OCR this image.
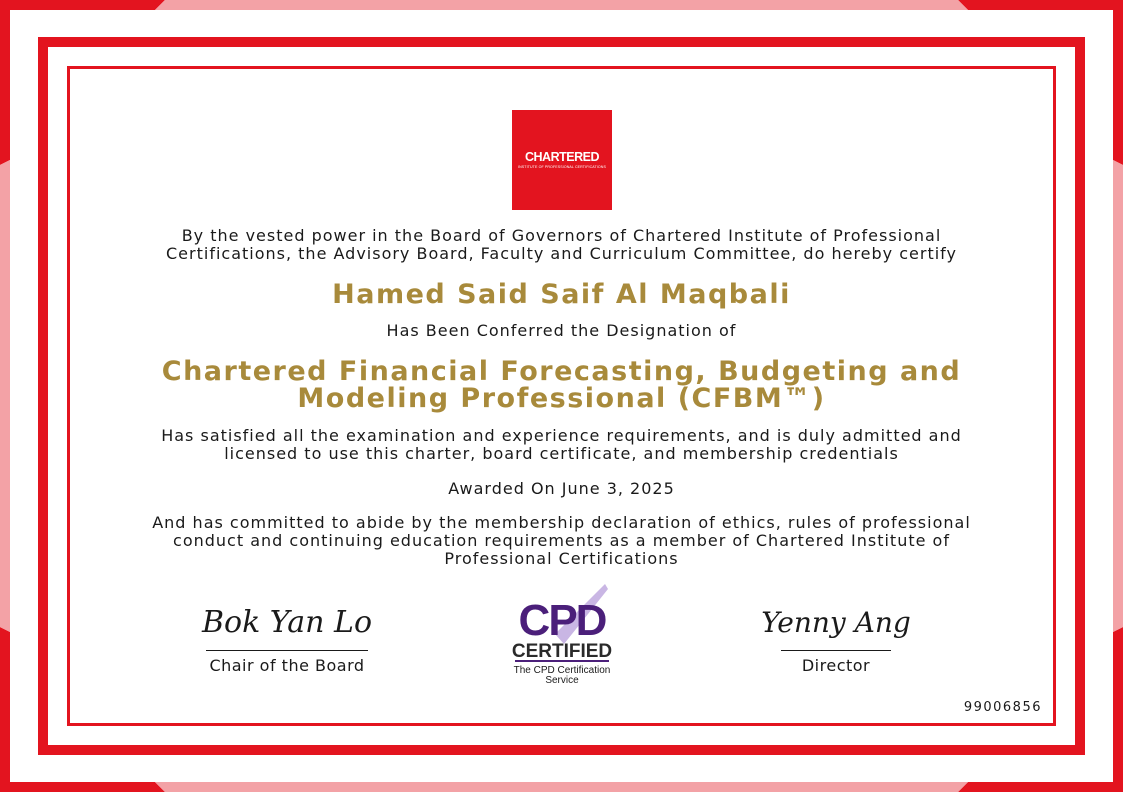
CHARTERED
INSTITUTE OF PROFESSIONAL CERTIFICATIONS
By the vested power in the Board of Governors of Chartered Institute of Professional
Certifications, the Advisory Board, Faculty and Curriculum Committee, do hereby certify
Hamed Said Saif Al Maqbali
Has Been Conferred the Designation of
Chartered Financial Forecasting, Budgeting and
Modeling Professional (CFBM™)
Has satisfied all the examination and experience requirements, and is duly admitted and
licensed to use this charter, board certificate, and membership credentials
Awarded On June 3, 2025
And has committed to abide by the membership declaration of ethics, rules of professional
conduct and continuing education requirements as a member of Chartered Institute of
Professional Certifications
Bok Yan Lo
Chair of the Board
Yenny Ang
Director
CPD
CERTIFIED
The CPD Certification
Service
99006856
